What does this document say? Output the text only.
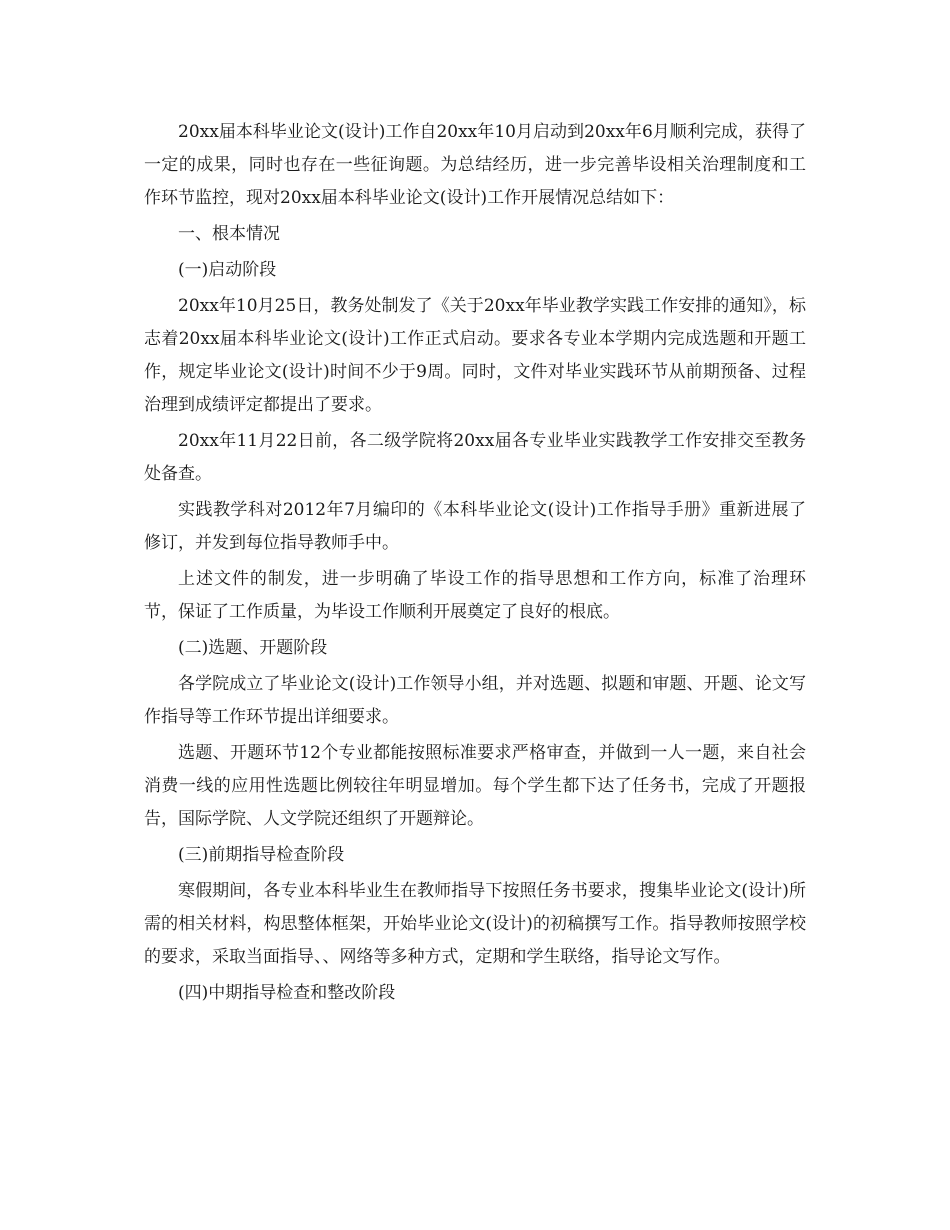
20xx届本科毕业论文(设计)工作自20xx年10月启动到20xx年6月顺利完成，获得了一定的成果，同时也存在一些征询题。为总结经历，进一步完善毕设相关治理制度和工作环节监控，现对20xx届本科毕业论文(设计)工作开展情况总结如下：

一、根本情况

(一)启动阶段

20xx年10月25日，教务处制发了《关于20xx年毕业教学实践工作安排的通知》，标志着20xx届本科毕业论文(设计)工作正式启动。要求各专业本学期内完成选题和开题工作，规定毕业论文(设计)时间不少于9周。同时，文件对毕业实践环节从前期预备、过程治理到成绩评定都提出了要求。

20xx年11月22日前，各二级学院将20xx届各专业毕业实践教学工作安排交至教务处备查。

实践教学科对2012年7月编印的《本科毕业论文(设计)工作指导手册》重新进展了修订，并发到每位指导教师手中。

上述文件的制发，进一步明确了毕设工作的指导思想和工作方向，标准了治理环节，保证了工作质量，为毕设工作顺利开展奠定了良好的根底。

(二)选题、开题阶段

各学院成立了毕业论文(设计)工作领导小组，并对选题、拟题和审题、开题、论文写作指导等工作环节提出详细要求。

选题、开题环节12个专业都能按照标准要求严格审查，并做到一人一题，来自社会消费一线的应用性选题比例较往年明显增加。每个学生都下达了任务书，完成了开题报告，国际学院、人文学院还组织了开题辩论。

(三)前期指导检查阶段

寒假期间，各专业本科毕业生在教师指导下按照任务书要求，搜集毕业论文(设计)所需的相关材料，构思整体框架，开始毕业论文(设计)的初稿撰写工作。指导教师按照学校的要求，采取当面指导、、网络等多种方式，定期和学生联络，指导论文写作。

(四)中期指导检查和整改阶段
